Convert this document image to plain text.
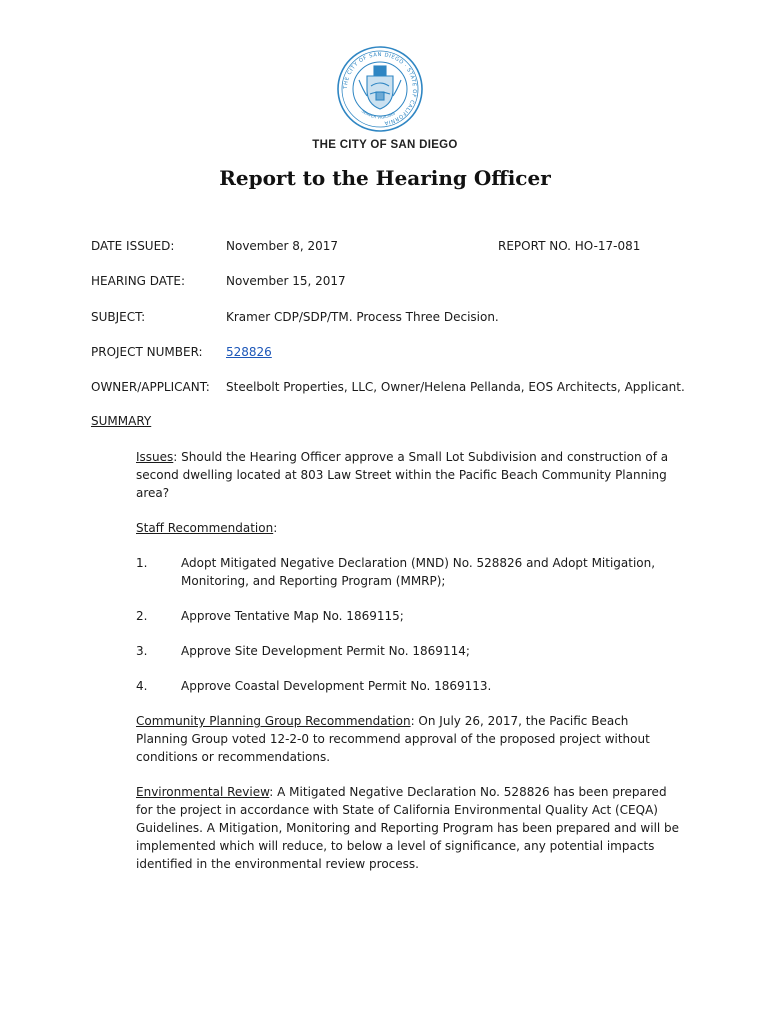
THE CITY OF SAN DIEGO · STATE OF CALIFORNIA
SEMPER VIGILANS
THE CITY OF SAN DIEGO
Report to the Hearing Officer
DATE ISSUED:	November 8, 2017	REPORT NO. HO-17-081
HEARING DATE:	November 15, 2017
SUBJECT:	Kramer CDP/SDP/TM. Process Three Decision.
PROJECT NUMBER: 528826
OWNER/APPLICANT: Steelbolt Properties, LLC, Owner/Helena Pellanda, EOS Architects, Applicant.
SUMMARY
Issues: Should the Hearing Officer approve a Small Lot Subdivision and construction of a second dwelling located at 803 Law Street within the Pacific Beach Community Planning area?
Staff Recommendation:
1.	Adopt Mitigated Negative Declaration (MND) No. 528826 and Adopt Mitigation, Monitoring, and Reporting Program (MMRP);
2.	Approve Tentative Map No. 1869115;
3.	Approve Site Development Permit No. 1869114;
4.	Approve Coastal Development Permit No. 1869113.
Community Planning Group Recommendation: On July 26, 2017, the Pacific Beach Planning Group voted 12-2-0 to recommend approval of the proposed project without conditions or recommendations.
Environmental Review: A Mitigated Negative Declaration No. 528826 has been prepared for the project in accordance with State of California Environmental Quality Act (CEQA) Guidelines. A Mitigation, Monitoring and Reporting Program has been prepared and will be implemented which will reduce, to below a level of significance, any potential impacts identified in the environmental review process.
